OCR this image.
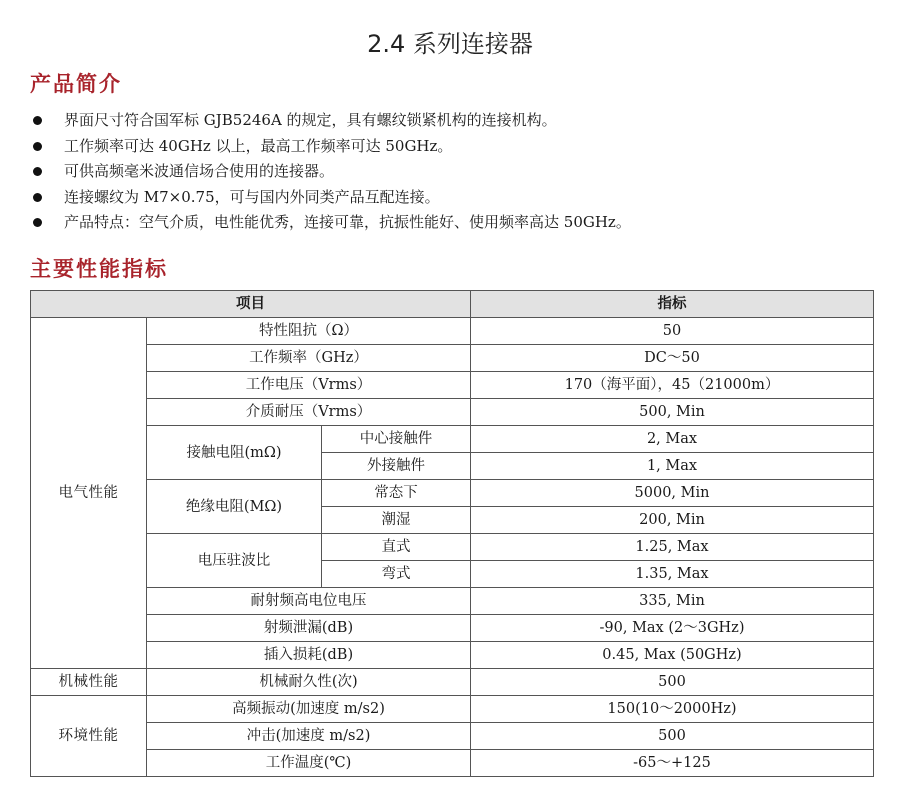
2.4 系列连接器
产品简介
界面尺寸符合国军标 GJB5246A 的规定，具有螺纹锁紧机构的连接机构。
工作频率可达 40GHz 以上，最高工作频率可达 50GHz。
可供高频毫米波通信场合使用的连接器。
连接螺纹为 M7×0.75，可与国内外同类产品互配连接。
产品特点：空气介质，电性能优秀，连接可靠，抗振性能好、使用频率高达 50GHz。
主要性能指标
项目			指标
电气性能	特性阻抗（Ω）		50
	工作频率（GHz）		DC～50
	工作电压（Vrms）		170（海平面），45（21000m）
	介质耐压（Vrms）		500, Min
	接触电阻(mΩ)	中心接触件	2, Max
		外接触件	1, Max
	绝缘电阻(MΩ)	常态下	5000, Min
		潮湿	200, Min
	电压驻波比	直式	1.25, Max
		弯式	1.35, Max
	耐射频高电位电压		335, Min
	射频泄漏(dB)		-90, Max (2～3GHz)
	插入损耗(dB)		0.45, Max (50GHz)
机械性能	机械耐久性(次)		500
环境性能	高频振动(加速度 m/s2)		150(10～2000Hz)
	冲击(加速度 m/s2)		500
	工作温度(℃)		-65～+125
